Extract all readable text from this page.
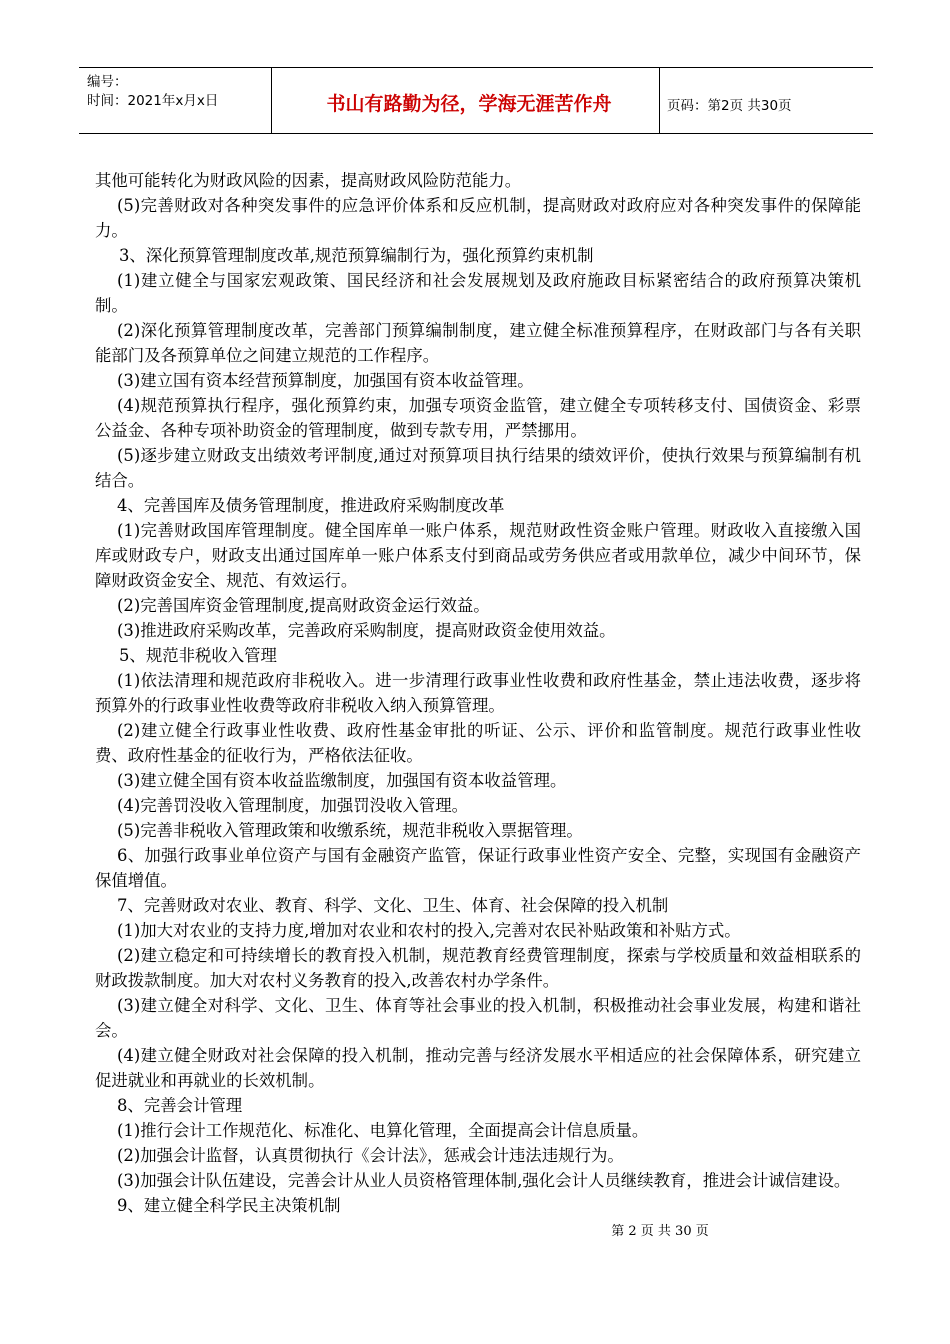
编号：
时间：2021年x月x日	书山有路勤为径，学海无涯苦作舟	页码：第2页 共30页

其他可能转化为财政风险的因素，提高财政风险防范能力。

(5)完善财政对各种突发事件的应急评价体系和反应机制，提高财政对政府应对各种突发事件的保障能力。

3、深化预算管理制度改革,规范预算编制行为，强化预算约束机制

(1)建立健全与国家宏观政策、国民经济和社会发展规划及政府施政目标紧密结合的政府预算决策机制。

(2)深化预算管理制度改革，完善部门预算编制制度，建立健全标准预算程序，在财政部门与各有关职能部门及各预算单位之间建立规范的工作程序。

(3)建立国有资本经营预算制度，加强国有资本收益管理。

(4)规范预算执行程序，强化预算约束，加强专项资金监管，建立健全专项转移支付、国债资金、彩票公益金、各种专项补助资金的管理制度，做到专款专用，严禁挪用。

(5)逐步建立财政支出绩效考评制度,通过对预算项目执行结果的绩效评价，使执行效果与预算编制有机结合。

4、完善国库及债务管理制度，推进政府采购制度改革

(1)完善财政国库管理制度。健全国库单一账户体系，规范财政性资金账户管理。财政收入直接缴入国库或财政专户，财政支出通过国库单一账户体系支付到商品或劳务供应者或用款单位，减少中间环节，保障财政资金安全、规范、有效运行。

(2)完善国库资金管理制度,提高财政资金运行效益。

(3)推进政府采购改革，完善政府采购制度，提高财政资金使用效益。

5、规范非税收入管理

(1)依法清理和规范政府非税收入。进一步清理行政事业性收费和政府性基金，禁止违法收费，逐步将预算外的行政事业性收费等政府非税收入纳入预算管理。

(2)建立健全行政事业性收费、政府性基金审批的听证、公示、评价和监管制度。规范行政事业性收费、政府性基金的征收行为，严格依法征收。

(3)建立健全国有资本收益监缴制度，加强国有资本收益管理。

(4)完善罚没收入管理制度，加强罚没收入管理。

(5)完善非税收入管理政策和收缴系统，规范非税收入票据管理。

6、加强行政事业单位资产与国有金融资产监管，保证行政事业性资产安全、完整，实现国有金融资产保值增值。

7、完善财政对农业、教育、科学、文化、卫生、体育、社会保障的投入机制

(1)加大对农业的支持力度,增加对农业和农村的投入,完善对农民补贴政策和补贴方式。

(2)建立稳定和可持续增长的教育投入机制，规范教育经费管理制度，探索与学校质量和效益相联系的财政拨款制度。加大对农村义务教育的投入,改善农村办学条件。

(3)建立健全对科学、文化、卫生、体育等社会事业的投入机制，积极推动社会事业发展，构建和谐社会。

(4)建立健全财政对社会保障的投入机制，推动完善与经济发展水平相适应的社会保障体系，研究建立促进就业和再就业的长效机制。

8、完善会计管理

(1)推行会计工作规范化、标准化、电算化管理，全面提高会计信息质量。

(2)加强会计监督，认真贯彻执行《会计法》，惩戒会计违法违规行为。

(3)加强会计队伍建设，完善会计从业人员资格管理体制,强化会计人员继续教育，推进会计诚信建设。

9、建立健全科学民主决策机制

第 2 页 共 30 页
